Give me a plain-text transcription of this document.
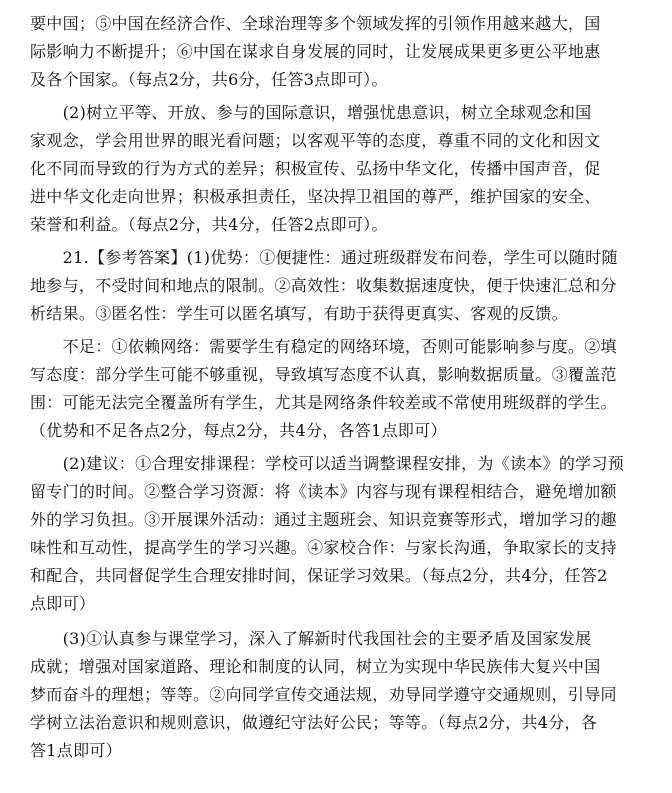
要中国；⑤中国在经济合作、全球治理等多个领域发挥的引领作用越来越大，国
际影响力不断提升；⑥中国在谋求自身发展的同时，让发展成果更多更公平地惠
及各个国家。（每点2分，共6分，任答3点即可）。
　　(2)树立平等、开放、参与的国际意识，增强忧患意识，树立全球观念和国
家观念，学会用世界的眼光看问题；以客观平等的态度，尊重不同的文化和因文
化不同而导致的行为方式的差异；积极宣传、弘扬中华文化，传播中国声音，促
进中华文化走向世界；积极承担责任，坚决捍卫祖国的尊严，维护国家的安全、
荣誉和利益。（每点2分，共4分，任答2点即可）。
　　21.【参考答案】(1)优势：①便捷性：通过班级群发布问卷，学生可以随时随
地参与，不受时间和地点的限制。②高效性：收集数据速度快，便于快速汇总和分
析结果。③匿名性：学生可以匿名填写，有助于获得更真实、客观的反馈。
　　不足：①依赖网络：需要学生有稳定的网络环境，否则可能影响参与度。②填
写态度：部分学生可能不够重视，导致填写态度不认真，影响数据质量。③覆盖范
围：可能无法完全覆盖所有学生，尤其是网络条件较差或不常使用班级群的学生。
（优势和不足各点2分，每点2分，共4分，各答1点即可）
　　(2)建议：①合理安排课程：学校可以适当调整课程安排，为《读本》的学习预
留专门的时间。②整合学习资源：将《读本》内容与现有课程相结合，避免增加额
外的学习负担。③开展课外活动：通过主题班会、知识竞赛等形式，增加学习的趣
味性和互动性，提高学生的学习兴趣。④家校合作：与家长沟通，争取家长的支持
和配合，共同督促学生合理安排时间，保证学习效果。（每点2分，共4分，任答2
点即可）
　　(3)①认真参与课堂学习，深入了解新时代我国社会的主要矛盾及国家发展
成就；增强对国家道路、理论和制度的认同，树立为实现中华民族伟大复兴中国
梦而奋斗的理想；等等。②向同学宣传交通法规，劝导同学遵守交通规则，引导同
学树立法治意识和规则意识，做遵纪守法好公民；等等。（每点2分，共4分，各
答1点即可）
